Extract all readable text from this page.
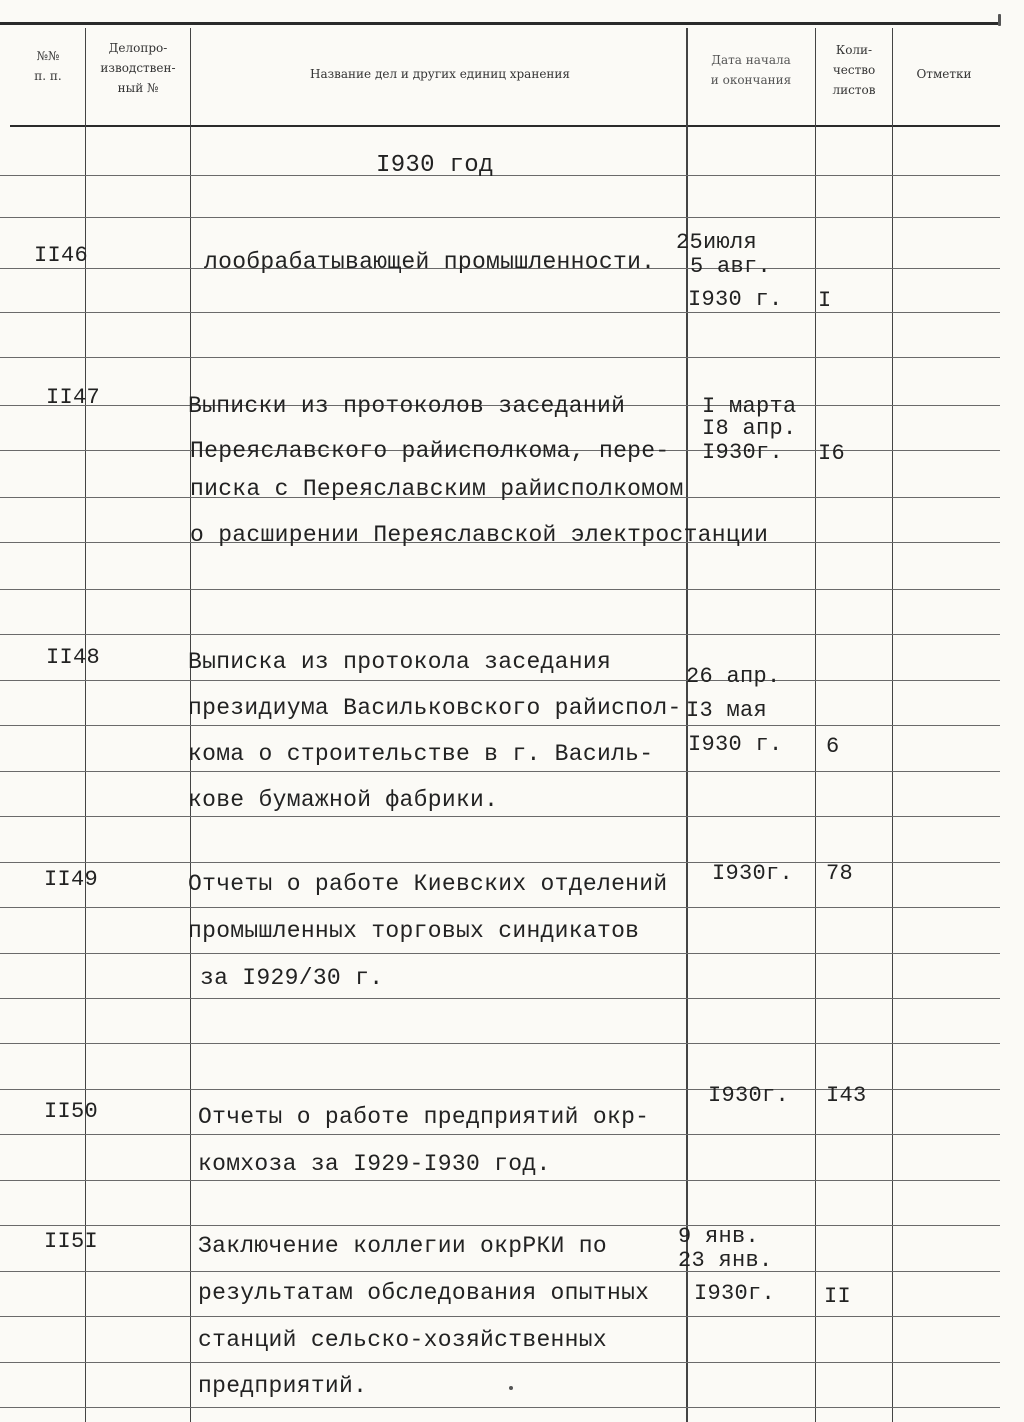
№№
п. п.
Делопро-
изводствен-
ный №
Название дел и других единиц хранения
Дата начала
и окончания
Коли-
чество
листов
Отметки
I930 год
II46	лообрабатывающей промышленности.
25июля
5 авг.
I930 г. I
II47	Выписки из протоколов заседаний
Переяславского райисполкома, пере-
писка с Переяславским райисполкомом
о расширении Переяславской электростанции
I марта
I8 апр.
I930г. I6
II48	Выписка из протокола заседания
президиума Васильковского райиспол-
кома о строительстве в г. Василь-
кове бумажной фабрики.
26 апр.
I3 мая
I930 г. 6
II49	Отчеты о работе Киевских отделений
промышленных торговых синдикатов
за I929/30 г.
I930г. 78
II50	Отчеты о работе предприятий окр-
комхоза за I929-I930 год.
I930г. I43
II5I	Заключение коллегии окрРКИ по
результатам обследования опытных
станций сельско-хозяйственных
предприятий.
9 янв.
23 янв.
I930г. II
